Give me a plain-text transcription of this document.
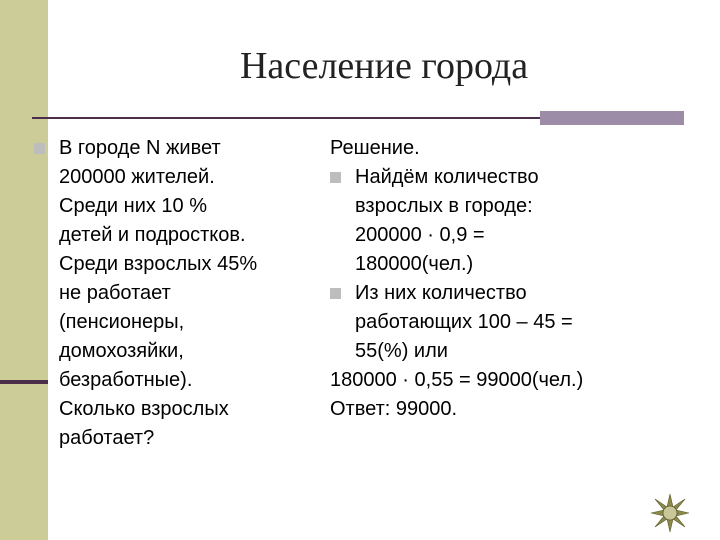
Население города
В городе N живет
200000 жителей.
Среди них 10 %
детей и подростков.
Среди взрослых 45%
не работает
(пенсионеры,
домохозяйки,
безработные).
Сколько взрослых
работает?
Решение.
Найдём количество
взрослых в городе:
200000 · 0,9 =
180000(чел.)
Из них количество
работающих 100 – 45 =
55(%) или
180000 · 0,55 = 99000(чел.)
Ответ: 99000.
